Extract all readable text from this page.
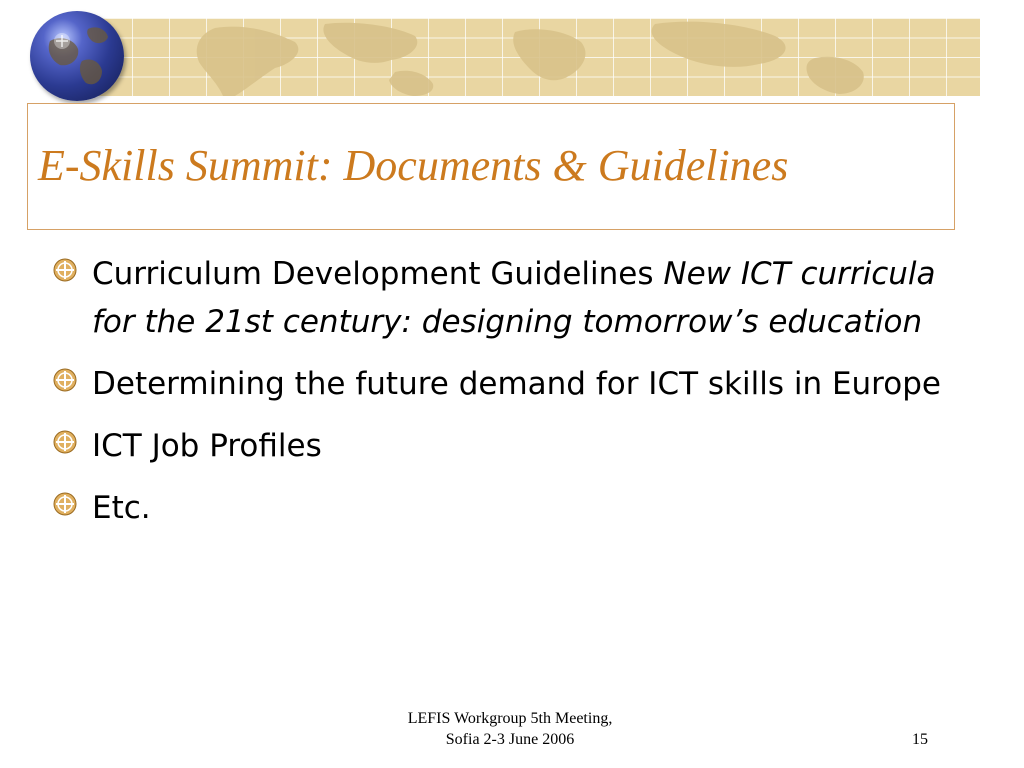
E-Skills Summit: Documents & Guidelines
Curriculum Development Guidelines New ICT curricula for the 21st century: designing tomorrow’s education
Determining the future demand for ICT skills in Europe
ICT Job Profiles
Etc.
LEFIS Workgroup 5th Meeting,
Sofia 2-3 June 2006	15
